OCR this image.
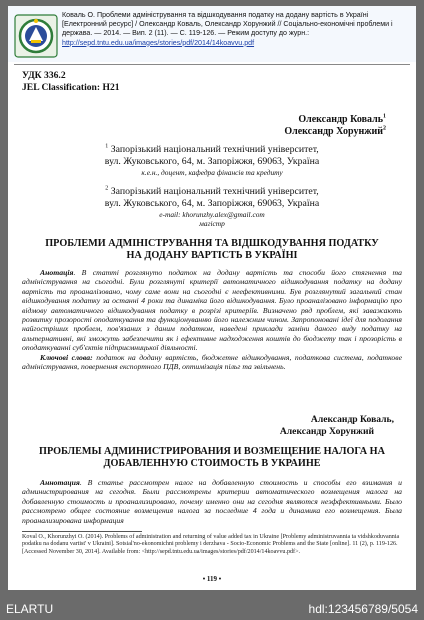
Коваль О. Проблеми адміністрування та відшкодування податку на додану вартість в Україні [Електронний ресурс] / Олександр Коваль, Олександр Хорунжий // Соціально-економічні проблеми і держава. — 2014. — Вип. 2 (11). — С. 119-126. — Режим доступу до журн.: http://sepd.tntu.edu.ua/images/stories/pdf/2014/14koavvu.pdf
УДК 336.2
JEL Classification: H21
Олександр Коваль$^1$
Олександр Хорунжий$^2$
$^1$ Запорізький національний технічний університет,
вул. Жуковського, 64, м. Запоріжжя, 69063, Україна
к.е.н., доцент, кафедра фінансів та кредиту
$^2$ Запорізький національний технічний університет,
вул. Жуковського, 64, м. Запоріжжя, 69063, Україна
e-mail: khorunzhy.alex@gmail.com
магістр
ПРОБЛЕМИ АДМІНІСТРУВАННЯ ТА ВІДШКОДУВАННЯ ПОДАТКУ
НА ДОДАНУ ВАРТІСТЬ В УКРАЇНІ
Анотація. В статті розглянуто податок на додану вартість та способи його стягнення та адміністрування на сьогодні. Були розглянуті критерії автоматичного відшкодування податку на додану вартість та проаналізовано, чому саме вони на сьогодні є неефективними. Був розглянутий загальний стан відшкодування податку за останні 4 роки та динаміка його відшкодування. Було проаналізовано інформацію про відмову автоматичного відшкодування податку в розрізі критеріїв. Визначено ряд проблем, які заважають розвитку прозорості оподаткування та функціонуванню його належним чином. Запропоновані ідеї для подолання найгостріших проблем, пов'язаних з даним податком, наведені приклади заміни даного виду податку на альтернативні, які зможуть забезпечити як і ефективне надходження коштів до бюджету так і прозорість в оподаткуванні суб'єктів підприємницької діяльності.
Ключові слова: податок на додану вартість, бюджетне відшкодування, податкова система, податкове адміністрування, повернення експортного ПДВ, оптимізація пільг та звільнень.
Александр Коваль,
Александр Хорунжий
ПРОБЛЕМЫ АДМИНИСТРИРОВАНИЯ И ВОЗМЕЩЕНИЕ НАЛОГА НА
ДОБАВЛЕННУЮ СТОИМОСТЬ В УКРАИНЕ
Аннотация. В статье рассмотрен налог на добавленную стоимость и способы его взимания и администрирования на сегодня. Были рассмотрены критерии автоматического возмещения налога на добавленную стоимость и проанализировано, почему именно они на сегодня являются неэффективными. Было рассмотрено общее состояние возмещения налога за последние 4 года и динамика его возмещения. Была проанализирована информация
Koval O., Khorunzhyi O. (2014). Problems of administration and returning of value added tax in Ukraine [Problemy administruvannia ta vidshkoduvannia podatku na dodanu vartist' v Ukraini]. Sotsial'no-ekonomichni problemy i derzhava - Socio-Economic Problems and the State [online]. 11 (2), p. 119-126. [Accessed November 30, 2014]. Available from: <http://sepd.tntu.edu.ua/images/stories/pdf/2014/14koavvu.pdf>.
• 119 •
ELARTU	hdl:123456789/5054
